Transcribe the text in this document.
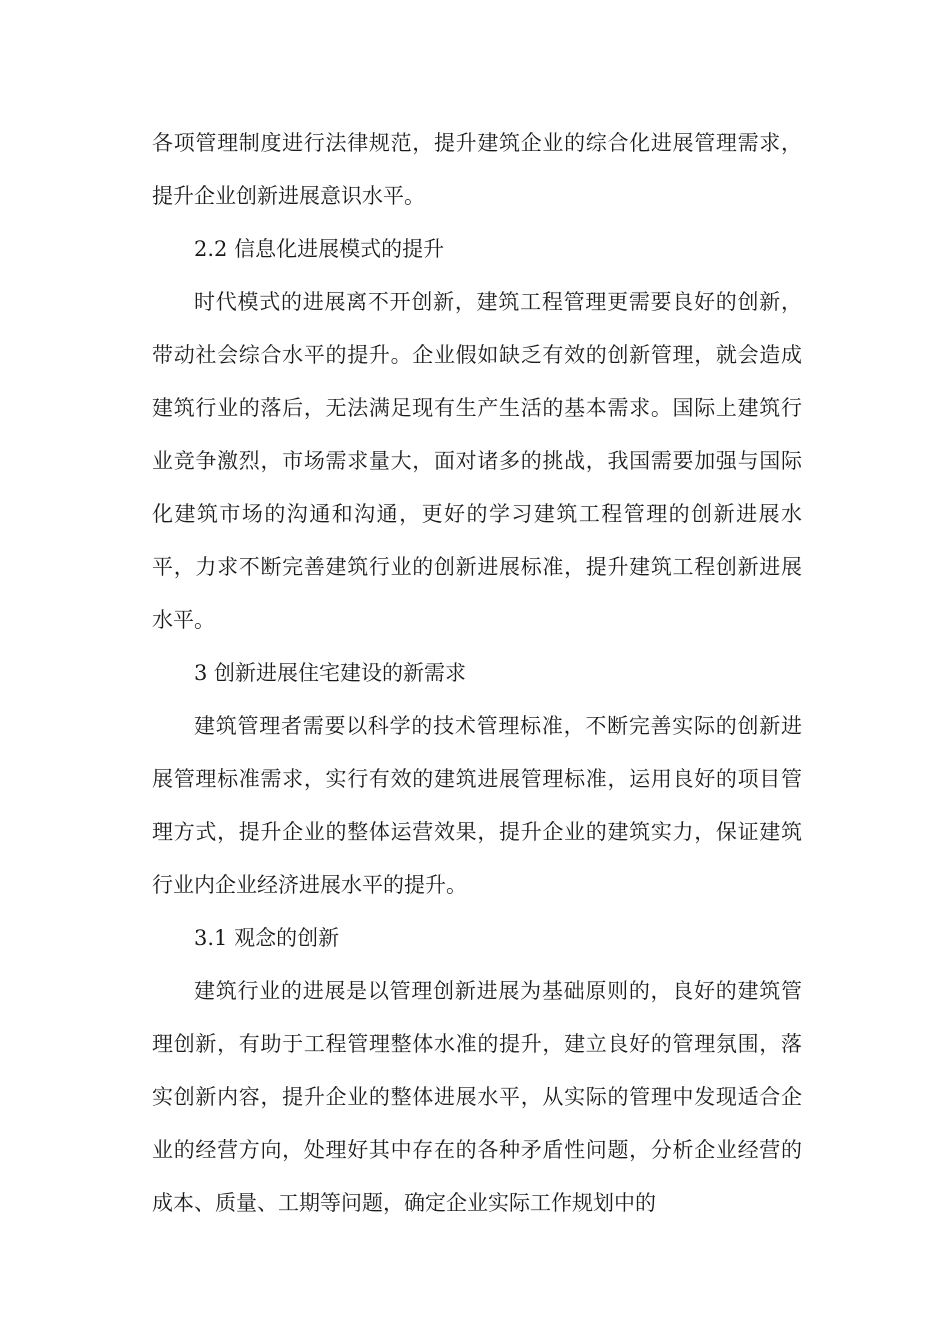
各项管理制度进行法律规范，提升建筑企业的综合化进展管理需求，提升企业创新进展意识水平。

2.2 信息化进展模式的提升

时代模式的进展离不开创新，建筑工程管理更需要良好的创新，带动社会综合水平的提升。企业假如缺乏有效的创新管理，就会造成建筑行业的落后，无法满足现有生产生活的基本需求。国际上建筑行业竞争激烈，市场需求量大，面对诸多的挑战，我国需要加强与国际化建筑市场的沟通和沟通，更好的学习建筑工程管理的创新进展水平，力求不断完善建筑行业的创新进展标准，提升建筑工程创新进展水平。

3 创新进展住宅建设的新需求

建筑管理者需要以科学的技术管理标准，不断完善实际的创新进展管理标准需求，实行有效的建筑进展管理标准，运用良好的项目管理方式，提升企业的整体运营效果，提升企业的建筑实力，保证建筑行业内企业经济进展水平的提升。

3.1 观念的创新

建筑行业的进展是以管理创新进展为基础原则的，良好的建筑管理创新，有助于工程管理整体水准的提升，建立良好的管理氛围，落实创新内容，提升企业的整体进展水平，从实际的管理中发现适合企业的经营方向，处理好其中存在的各种矛盾性问题，分析企业经营的成本、质量、工期等问题，确定企业实际工作规划中的
